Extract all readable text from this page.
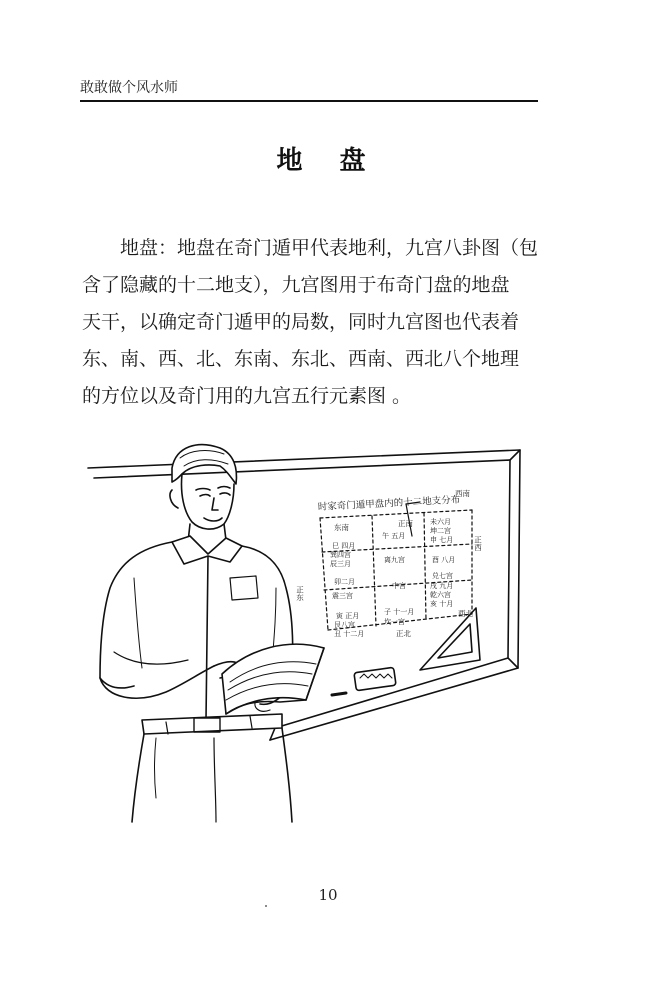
敢敢做个风水师
地 盘
地盘：地盘在奇门遁甲代表地利，九宫八卦图（包
含了隐藏的十二地支），九宫图用于布奇门盘的地盘
天干，以确定奇门遁甲的局数，同时九宫图也代表着
东、南、西、北、东南、东北、西南、西北八个地理
的方位以及奇门用的九宫五行元素图 。
时家奇门遁甲盘内的十二地支分布
西南
正南
东南
正东
正西
正北
西北
巳 四月 巽四宫 辰三月
午 五月 离九宫
未六月 坤二宫 申 七月
卯二月 震三宫
中宫
酉 八月 兑七宫
寅 正月 艮八宫 丑 十二月
子 十一月 坎一宫
戌 九月 乾六宫 亥 十月
10
